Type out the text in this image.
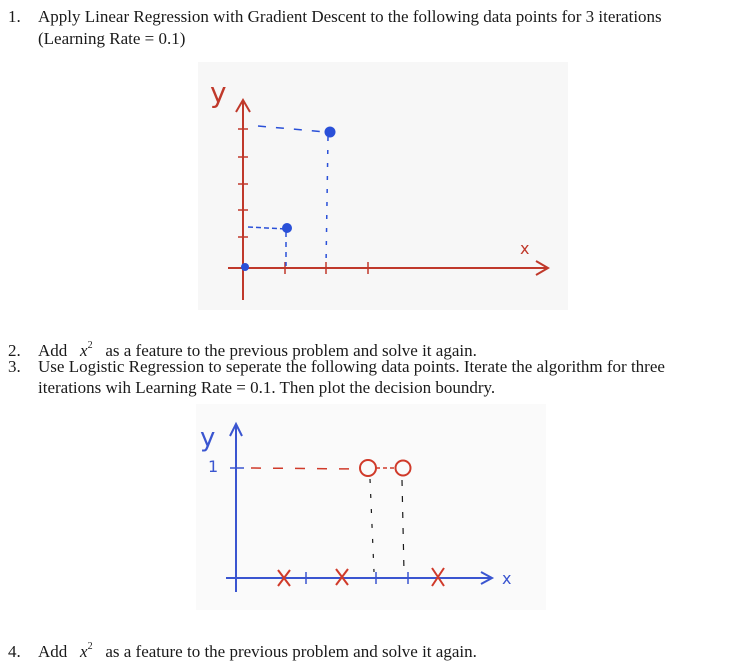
1. Apply Linear Regression with Gradient Descent to the following data points for 3 iterations
(Learning Rate = 0.1)
y
x
2. Add $x^2$ as a feature to the previous problem and solve it again.
3. Use Logistic Regression to seperate the following data points. Iterate the algorithm for three
iterations wih Learning Rate = 0.1. Then plot the decision boundry.
y
1
x
4. Add $x^2$ as a feature to the previous problem and solve it again.
